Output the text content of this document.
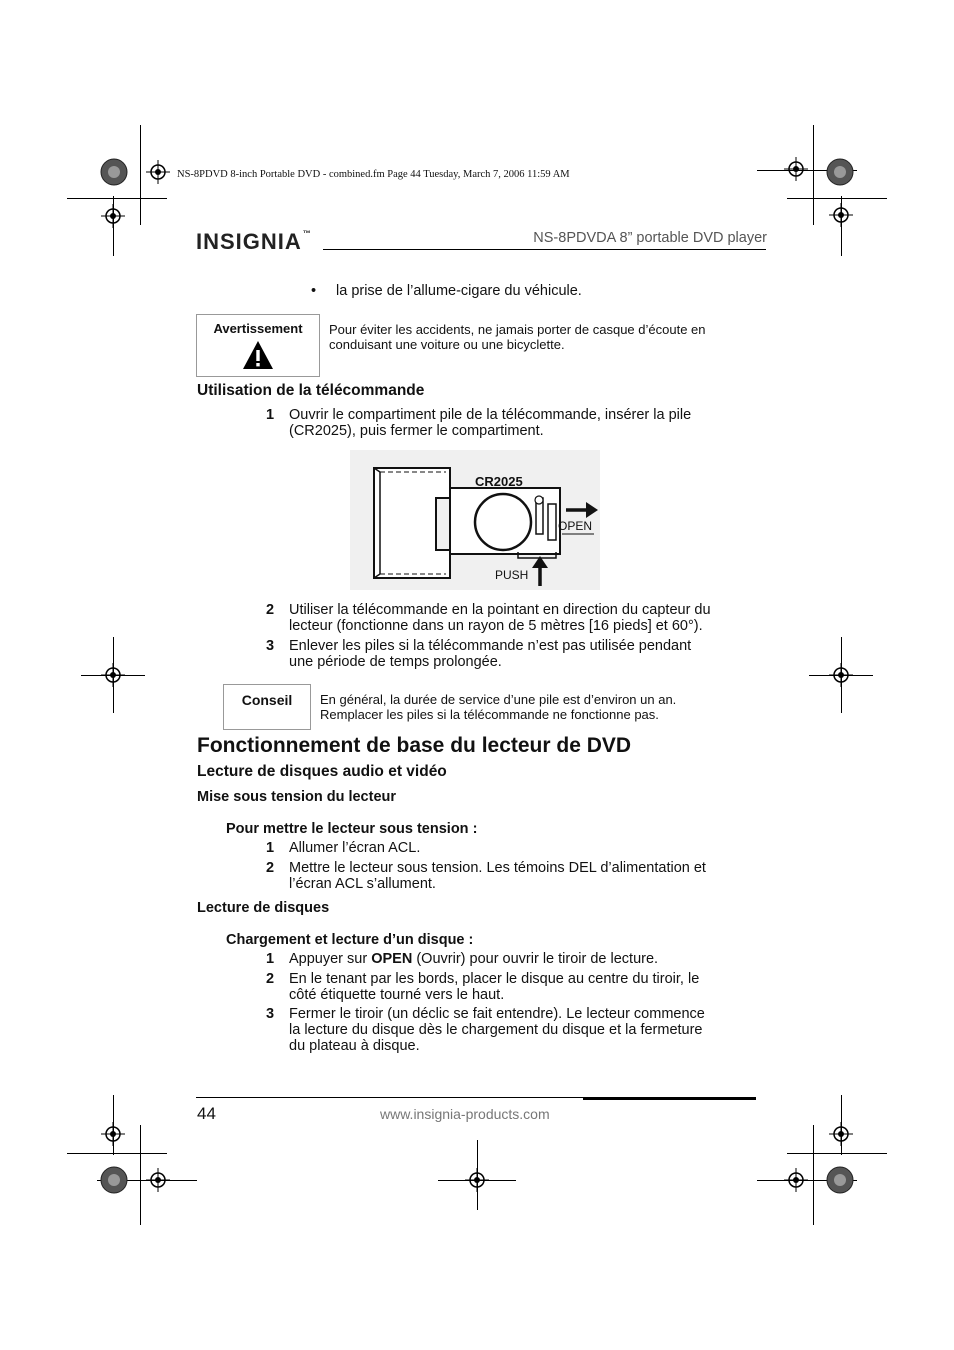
NS-8PDVD 8-inch Portable DVD - combined.fm Page 44 Tuesday, March 7, 2006 11:59 AM
INSIGNIA™	NS-8PDVDA 8” portable DVD player
• la prise de l’allume-cigare du véhicule.
Avertissement	Pour éviter les accidents, ne jamais porter de casque d’écoute en
conduisant une voiture ou une bicyclette.
Utilisation de la télécommande
1 Ouvrir le compartiment pile de la télécommande, insérer la pile
(CR2025), puis fermer le compartiment.
CR2025
OPEN
PUSH
2 Utiliser la télécommande en la pointant en direction du capteur du
lecteur (fonctionne dans un rayon de 5 mètres [16 pieds] et 60°).
3 Enlever les piles si la télécommande n’est pas utilisée pendant
une période de temps prolongée.
Conseil	En général, la durée de service d’une pile est d’environ un an.
Remplacer les piles si la télécommande ne fonctionne pas.
Fonctionnement de base du lecteur de DVD
Lecture de disques audio et vidéo
Mise sous tension du lecteur
Pour mettre le lecteur sous tension :
1 Allumer l’écran ACL.
2 Mettre le lecteur sous tension. Les témoins DEL d’alimentation et
l’écran ACL s’allument.
Lecture de disques
Chargement et lecture d’un disque :
1 Appuyer sur OPEN (Ouvrir) pour ouvrir le tiroir de lecture.
2 En le tenant par les bords, placer le disque au centre du tiroir, le
côté étiquette tourné vers le haut.
3 Fermer le tiroir (un déclic se fait entendre). Le lecteur commence
la lecture du disque dès le chargement du disque et la fermeture
du plateau à disque.
44	www.insignia-products.com
